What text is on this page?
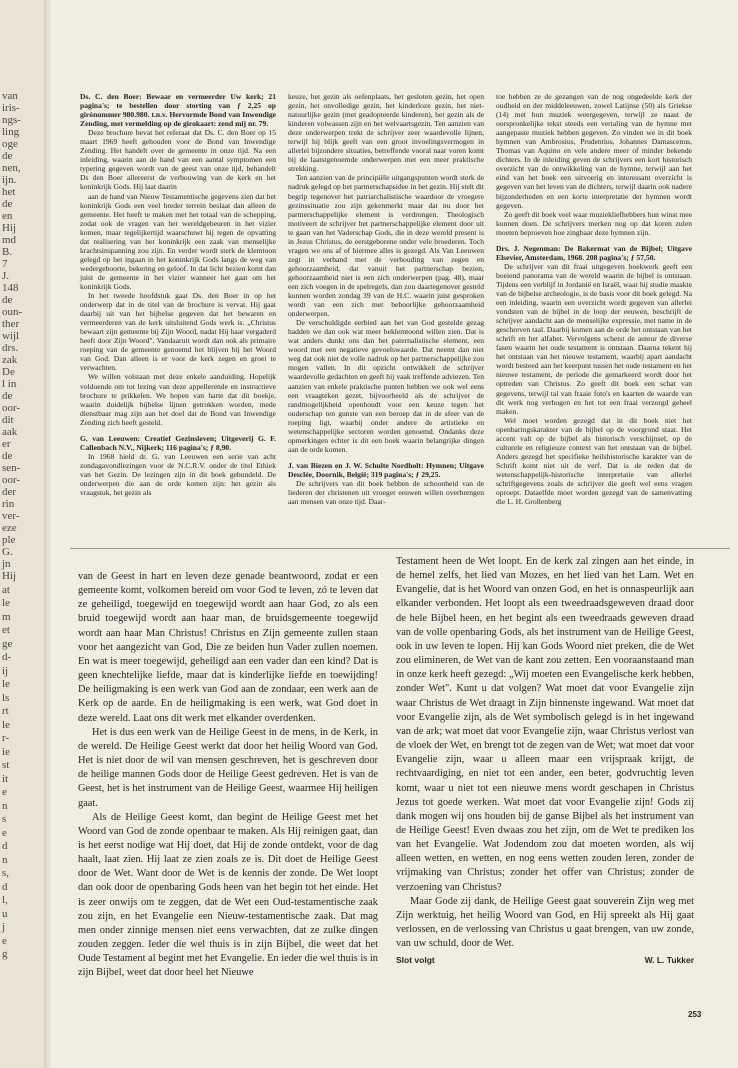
van
iris-
ngs-
ling
oge
de
nen,
ijn.
het
de
en
Hij
md
B.
7
J.
148
de
oun-
ther
wijl
drs.
zak
De
l in
de
oor-
dit
aak
er
de
sen-
oor-
der
rin
ver-
eze
ple
G.
jn
Hij
at
le
m
et
ge
d-
ij
le
ls
rt
le
r-
ie
st
it
e
n
s
e
d
n
s,
d
l,
u
j
e
g

Ds. C. den Boer: Bewaar en vermeerder Uw kerk; 21 pagina's; te bestellen door storting van ƒ 2,25 op girónummer 980.980. t.n.v. Hervormde Bond van Inwendige Zending, met vermelding op de girokaart: zend mij nr. 79.

Deze brochure bevat het referaat dat Ds. C. den Boer op 15 maart 1969 heeft gehouden voor de Bond van Inwendige Zending. Het handelt over de gemeente in onze tijd. Na een inleiding, waarin aan de hand van een aantal symptomen een typering gegeven wordt van de geest van onze tijd, behandelt Ds den Boer allereerst de verbouwing van de kerk en het koninkrijk Gods. Hij laat daarin

aan de hand van Nieuw Testamentische gegevens zien dat het koninkrijk Gods een veel breder terrein beslaat dan alleen de gemeente. Het heeft te maken met het totaal van de schepping, zodat ook de vragen van het wereldgebeuren in het vizier komen, maar tegelijkertijd waarschuwt hij tegen de opvatting dat realisering van het koninkrijk een zaak van menselijke krachtsinspanning zou zijn. En verder wordt sterk de klemtoon gelegd op het ingaan in het koninkrijk Gods langs de weg van wedergeboorte, bekering en geloof. In dat licht bezien komt dan juist de gemeente in het vizier wanneer het gaat om het koninkrijk Gods.

In het tweede hoofdstuk gaat Ds. den Boer in op het onderwerp dat in de titel van de brochure is vervat. Hij gaat daarbij uit van het bijbelse gegeven dat het bewaren en vermeerderen van de kerk uitsluitend Gods werk is. „Christus bewaart zijn gemeente bij Zijn Woord, nadat Hij haar vergaderd heeft door Zijn Woord". Vandaaruit wordt dan ook als primaire roeping van de gemeente genoemd het blijven bij het Woord van God. Dan alleen is er voor de kerk zegen en groei te verwachten.

We willen volstaan met deze enkele aanduiding. Hopelijk voldoende om tot lezing van deze appellerende en instructieve brochure te prikkelen. We hopen van harte dat dit boekje, waarin duidelijk bijbelse lijnen getrokken worden, mede dienstbaar mag zijn aan het doel dat de Bond van Inwendige Zending zich heeft gesteld.

G. van Leeuwen: Creatief Gezinsleven; Uitgeverij G. F. Callenbach N.V., Nijkerk; 116 pagina's; ƒ 8,90.

In 1968 hield dr. G. van Leeuwen een serie van acht zondagavondlezingen voor de N.C.R.V. onder de titel Ethiek van het Gezin. De lezingen zijn in dit boek gebundeld. De onderwerpen die aan de orde komen zijn: het gezin als vraagstuk, het gezin als

keuze, het gezin als oefenplaats, het gesloten gezin, het open gezin, het onvolledige gezin, het kinderloze gezin, het niet-natuurlijke gezin (met geadopteerde kinderen), het gezin als de kinderen volwassen zijn en het welvaartsgezin. Ten aanzien van deze onderwerpen trekt de schrijver zeer waardevolle lijnen, terwijl hij blijk geeft van een groot invoelingsvermogen in allerlei bijzondere situaties, betreffende vooral naar voren komt bij de laatstgenoemde onderwerpen met een meer praktische strekking.

Ten aanzien van de principiële uitgangspunten wordt sterk de nadruk gelegd op het partnerschapsidee in het gezin. Hij stelt dit begrip tegenover het patriarchalistische waardoor de vroegere gezinssituatie zou zijn gekenmerkt maar dat nu door het partnerschappelijke element is verdrongen. Theologisch motiveert de schrijver het partnerschappelijke element door uit te gaan van het Vaderschap Gods, die in deze wereld present is in Jezus Christus, de eerstgeborene onder vele broederen. Toch vragen we ons af of hiermee alles is gezegd. Als Van Leeuwen zegt in verband met de verhouding van zegen en gehoorzaamheid, dat vanuit het partnerschap bezien, gehoorzaamheid niet is een zich onderwerpen (pag. 48), maar een zich voegen in de spelregels, dan zou daartegenover gesteld kunnen worden zondag 39 van de H.C. waarin juist gesproken wordt van een zich met behoorlijke gehoorzaamheid onderwerpen.

De verschuldigde eerbied aan het van God gestelde gezag hadden we dan ook wat meer beklemtoond willen zien. Dat is wat anders dunkt ons dan het paternalistische element, een woord met een negatieve gevoelswaarde. Dat neemt dan niet weg dat ook niet de volle nadruk op het partnerschappelijke zou mogen vallen. In dit opzicht ontwikkelt de schrijver waardevolle gedachten en geeft hij vaak treffende adviezen. Ten aanzien van enkele praktische punten hebben we ook wel eens een vraagteken gezet, bijvoorbeeld als de schrijver de randmogelijkheid openhoudt voor een keuze tegen het ouderschap ten gunste van een beroep dat in de sfeer van de roeping ligt, waarbij onder andere de artistieke en wetenschappelijke sectoren worden genoemd. Ondanks deze opmerkingen echter is dit een boek waarin belangrijke dingen aan de orde komen.

J. van Biezen en J. W. Schulte Nordholt: Hymnen; Uitgave Desclée, Doornik, België; 319 pagina's; ƒ 29,25.

De schrijvers van dit boek hebben de schoonheid van de liederen der christenen uit vroeger eeuwen willen overbrengen aan mensen van onze tijd. Daar-

toe hebben ze de gezangen van de nog ongedeelde kerk der oudheid en der middeleeuwen, zowel Latijnse (50) als Griekse (14) met hun muziek weergegeven, terwijl ze naast de oorspronkelijke tekst steeds een vertaling van de hymne met aangepaste muziek hebben gegeven. Zo vinden we in dit boek hymnen van Ambrosius, Prudentius, Johannes Damascenus, Thomas van Aquino en vele andere meer of minder bekende dichters. In de inleiding geven de schrijvers een kort historisch overzicht van de ontwikkeling van de hymne, terwijl aan het eind van het boek een uitvoerig en interessant overzicht is gegeven van het leven van de dichters, terwijl daarin ook nadere bijzonderheden en een korte interpretatie der hymnen wordt gegeven.

Zo geeft dit boek veel waar muziekliefhebbers hun winst mee kunnen doen. De schrijvers merken nog op dat koren zulen moeten beproeven hoe zingbaar deze hymnen zijn.

Drs. J. Negenman: De Bakermat van de Bijbel; Uitgave Elsevier, Amsterdam, 1968. 208 pagina's; ƒ 57,50.

De schrijver van dit fraai uitgegeven boekwerk geeft een boeiend panorama van de wereld waarin de bijbel is ontstaan. Tijdens een verblijf in Jordanië en Israël, waar hij studie maakte van de bijbelse archeologie, is de basis voor dit boek gelegd. Na een inleiding, waarin een overzicht wordt gegeven van allerlei vondsten van de bijbel in de loop der eeuwen, beschrijft de schrijver aandacht aan de menselijke expressie, met name in de geschreven taal. Daarbij komen aan de orde het ontstaan van het schrift en het alfabet. Vervolgens schetst de auteur de diverse fasen waarin het oude testament is ontstaan. Daarna tekent hij het ontstaan van het nieuwe testament, waarbij apart aandacht wordt besteed aan het keerpunt tussen het oude testament en het nieuwe testament, de periode die gemarkeerd wordt door het optreden van Christus. Zo geeft dit boek een schat van gegevens, terwijl tal van fraaie foto's en kaarten de waarde van dit werk nog verhogen en het tot een fraai verzorgd geheel maken.

Wel moet worden gezegd dat in dit boek niet het openbaringskarakter van de bijbel op de voorgrond staat. Het accent valt op de bijbel als historisch verschijnsel, op de culturele en religieuze context van het ontstaan van de bijbel. Anders gezegd het specifieke heilshistorische karakter van de Schrift komt niet uit de verf. Dat is de reden dat de wetenschappelijk-historische interpretatie van allerlei schriftgegevens zoals de schrijver die geeft wel eens vragen oproept. Dataelfde moet worden gezegd van de samenvatting die L. H. Grollenberg

van de Geest in hart en leven deze genade beantwoord, zodat er een gemeente komt, volkomen bereid om voor God te leven, zó te leven dat ze geheiligd, toegewijd en toegewijd wordt aan haar God, zo als een bruid toegewijd wordt aan haar man, de bruidsgemeente toegewijd wordt aan haar Man Christus! Christus en Zijn gemeente zullen staan voor het aangezicht van God, Die ze beiden hun Vader zullen noemen. En wat is meer toegewijd, geheiligd aan een vader dan een kind? Dat is geen knechtelijke liefde, maar dat is kinderlijke liefde en toewijding! De heiligmaking is een werk van God aan de zondaar, een werk aan de Kerk op de aarde. En de heiligmaking is een werk, wat God doet in deze wereld. Laat ons dit werk met elkander overdenken.

Het is dus een werk van de Heilige Geest in de mens, in de Kerk, in de wereld. De Heilige Geest werkt dat door het heilig Woord van God. Het is niet door de wil van mensen geschreven, het is geschreven door de heilige mannen Gods door de Heilige Geest gedreven. Het is van de Geest, het is het instrument van de Heilige Geest, waarmee Hij heiligen gaat.

Als de Heilige Geest komt, dan begint de Heilige Geest met het Woord van God de zonde openbaar te maken. Als Hij reinigen gaat, dan is het eerst nodige wat Hij doet, dat Hij de zonde ontdekt, voor de dag haalt, laat zien. Hij laat ze zien zoals ze is. Dit doet de Heilige Geest door de Wet. Want door de Wet is de kennis der zonde. De Wet loopt dan ook door de openbaring Gods heen van het begin tot het einde. Het is zeer onwijs om te zeggen, dat de Wet een Oud-testamentische zaak zou zijn, en het Evangelie een Nieuw-testamentische zaak. Dat mag men onder zinnige mensen niet eens verwachten, dat ze zulke dingen zouden zeggen. Ieder die wel thuis is in zijn Bijbel, die weet dat het Oude Testament al begint met het Evangelie. En ieder die wel thuis is in zijn Bijbel, weet dat door heel het Nieuwe

Testament heen de Wet loopt. En de kerk zal zingen aan het einde, in de hemel zelfs, het lied van Mozes, en het lied van het Lam. Wet en Evangelie, dat is het Woord van onzen God, en het is onnaspeurlijk aan elkander verbonden. Het loopt als een tweedraadsgeweven draad door de hele Bijbel heen, en het begint als een tweedraads geweven draad van de volle openbaring Gods, als het instrument van de Heilige Geest, ook in uw leven te lopen. Hij kan Gods Woord niet preken, die de Wet zou elimineren, de Wet van de kant zou zetten. Een vooraanstaand man in onze kerk heeft gezegd: „Wij moeten een Evangelische kerk hebben, zonder Wet". Kunt u dat volgen? Wat moet dat voor Evangelie zijn waar Christus de Wet draagt in Zijn binnenste ingewand. Wat moet dat voor Evangelie zijn, als de Wet symbolisch gelegd is in het ingewand van de ark; wat moet dat voor Evangelie zijn, waar Christus verlost van de vloek der Wet, en brengt tot de zegen van de Wet; wat moet dat voor Evangelie zijn, waar u alleen maar een vrijspraak krijgt, de rechtvaardiging, en niet tot een ander, een beter, godvruchtig leven komt, waar u niet tot een nieuwe mens wordt geschapen in Christus Jezus tot goede werken. Wat moet dat voor Evangelie zijn! Gods zij dank mogen wij ons houden bij de ganse Bijbel als het instrument van de Heilige Geest! Even dwaas zou het zijn, om de Wet te prediken los van het Evangelie. Wat Jodendom zou dat moeten worden, als wij alleen wetten, en wetten, en nog eens wetten zouden leren, zonder de vrijmaking van Christus; zonder het offer van Christus; zonder de verzoening van Christus?

Maar Gode zij dank, de Heilige Geest gaat souverein Zijn weg met Zijn werktuig, het heilig Woord van God, en Hij spreekt als Hij gaat verlossen, en de verlossing van Christus u gaat brengen, van uw zonde, van uw schuld, door de Wet.

Slot volgt	W. L. Tukker
253
